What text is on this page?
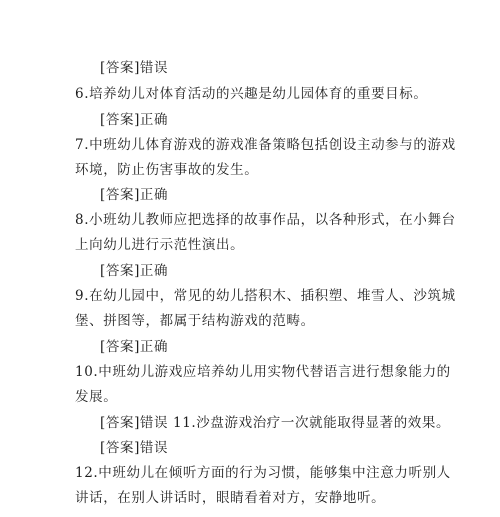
[答案]错误
6.培养幼儿对体育活动的兴趣是幼儿园体育的重要目标。
[答案]正确
7.中班幼儿体育游戏的游戏准备策略包括创设主动参与的游戏
环境，防止伤害事故的发生。
[答案]正确
8.小班幼儿教师应把选择的故事作品，以各种形式，在小舞台
上向幼儿进行示范性演出。
[答案]正确
9.在幼儿园中，常见的幼儿搭积木、插积塑、堆雪人、沙筑城
堡、拼图等，都属于结构游戏的范畴。
[答案]正确
10.中班幼儿游戏应培养幼儿用实物代替语言进行想象能力的
发展。
[答案]错误 11.沙盘游戏治疗一次就能取得显著的效果。
[答案]错误
12.中班幼儿在倾听方面的行为习惯，能够集中注意力听别人
讲话，在别人讲话时，眼睛看着对方，安静地听。
